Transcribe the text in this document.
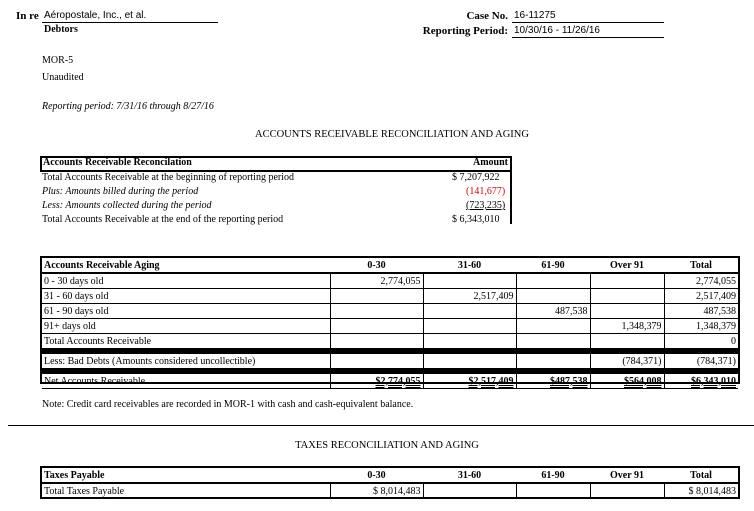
In re Aéropostale, Inc., et al.
Debtors
Case No. 16-11275
Reporting Period: 10/30/16 - 11/26/16
MOR-5
Unaudited
Reporting period: 7/31/16 through 8/27/16
ACCOUNTS RECEIVABLE RECONCILIATION AND AGING
Accounts Receivable Reconcilation	Amount
Total Accounts Receivable at the beginning of reporting period	$ 7,207,922
Plus: Amounts billed during the period	(141,677)
Less: Amounts collected during the period	(723,235)
Total Accounts Receivable at the end of the reporting period	$ 6,343,010
Accounts Receivable Aging	0-30	31-60	61-90	Over 91	Total
0 - 30 days old	2,774,055				2,774,055
31 - 60 days old		2,517,409			2,517,409
61 - 90 days old			487,538		487,538
91+ days old				1,348,379	1,348,379
Total Accounts Receivable					0

Less: Bad Debts (Amounts considered uncollectible)				(784,371)	(784,371)

Net Accounts Receivable	$2,774,055	$2,517,409	$487,538	$564,008	$6,343,010
Note: Credit card receivables are recorded in MOR-1 with cash and cash-equivalent balance.
TAXES RECONCILIATION AND AGING
Taxes Payable	0-30	31-60	61-90	Over 91	Total
Total Taxes Payable	$ 8,014,483				$ 8,014,483
